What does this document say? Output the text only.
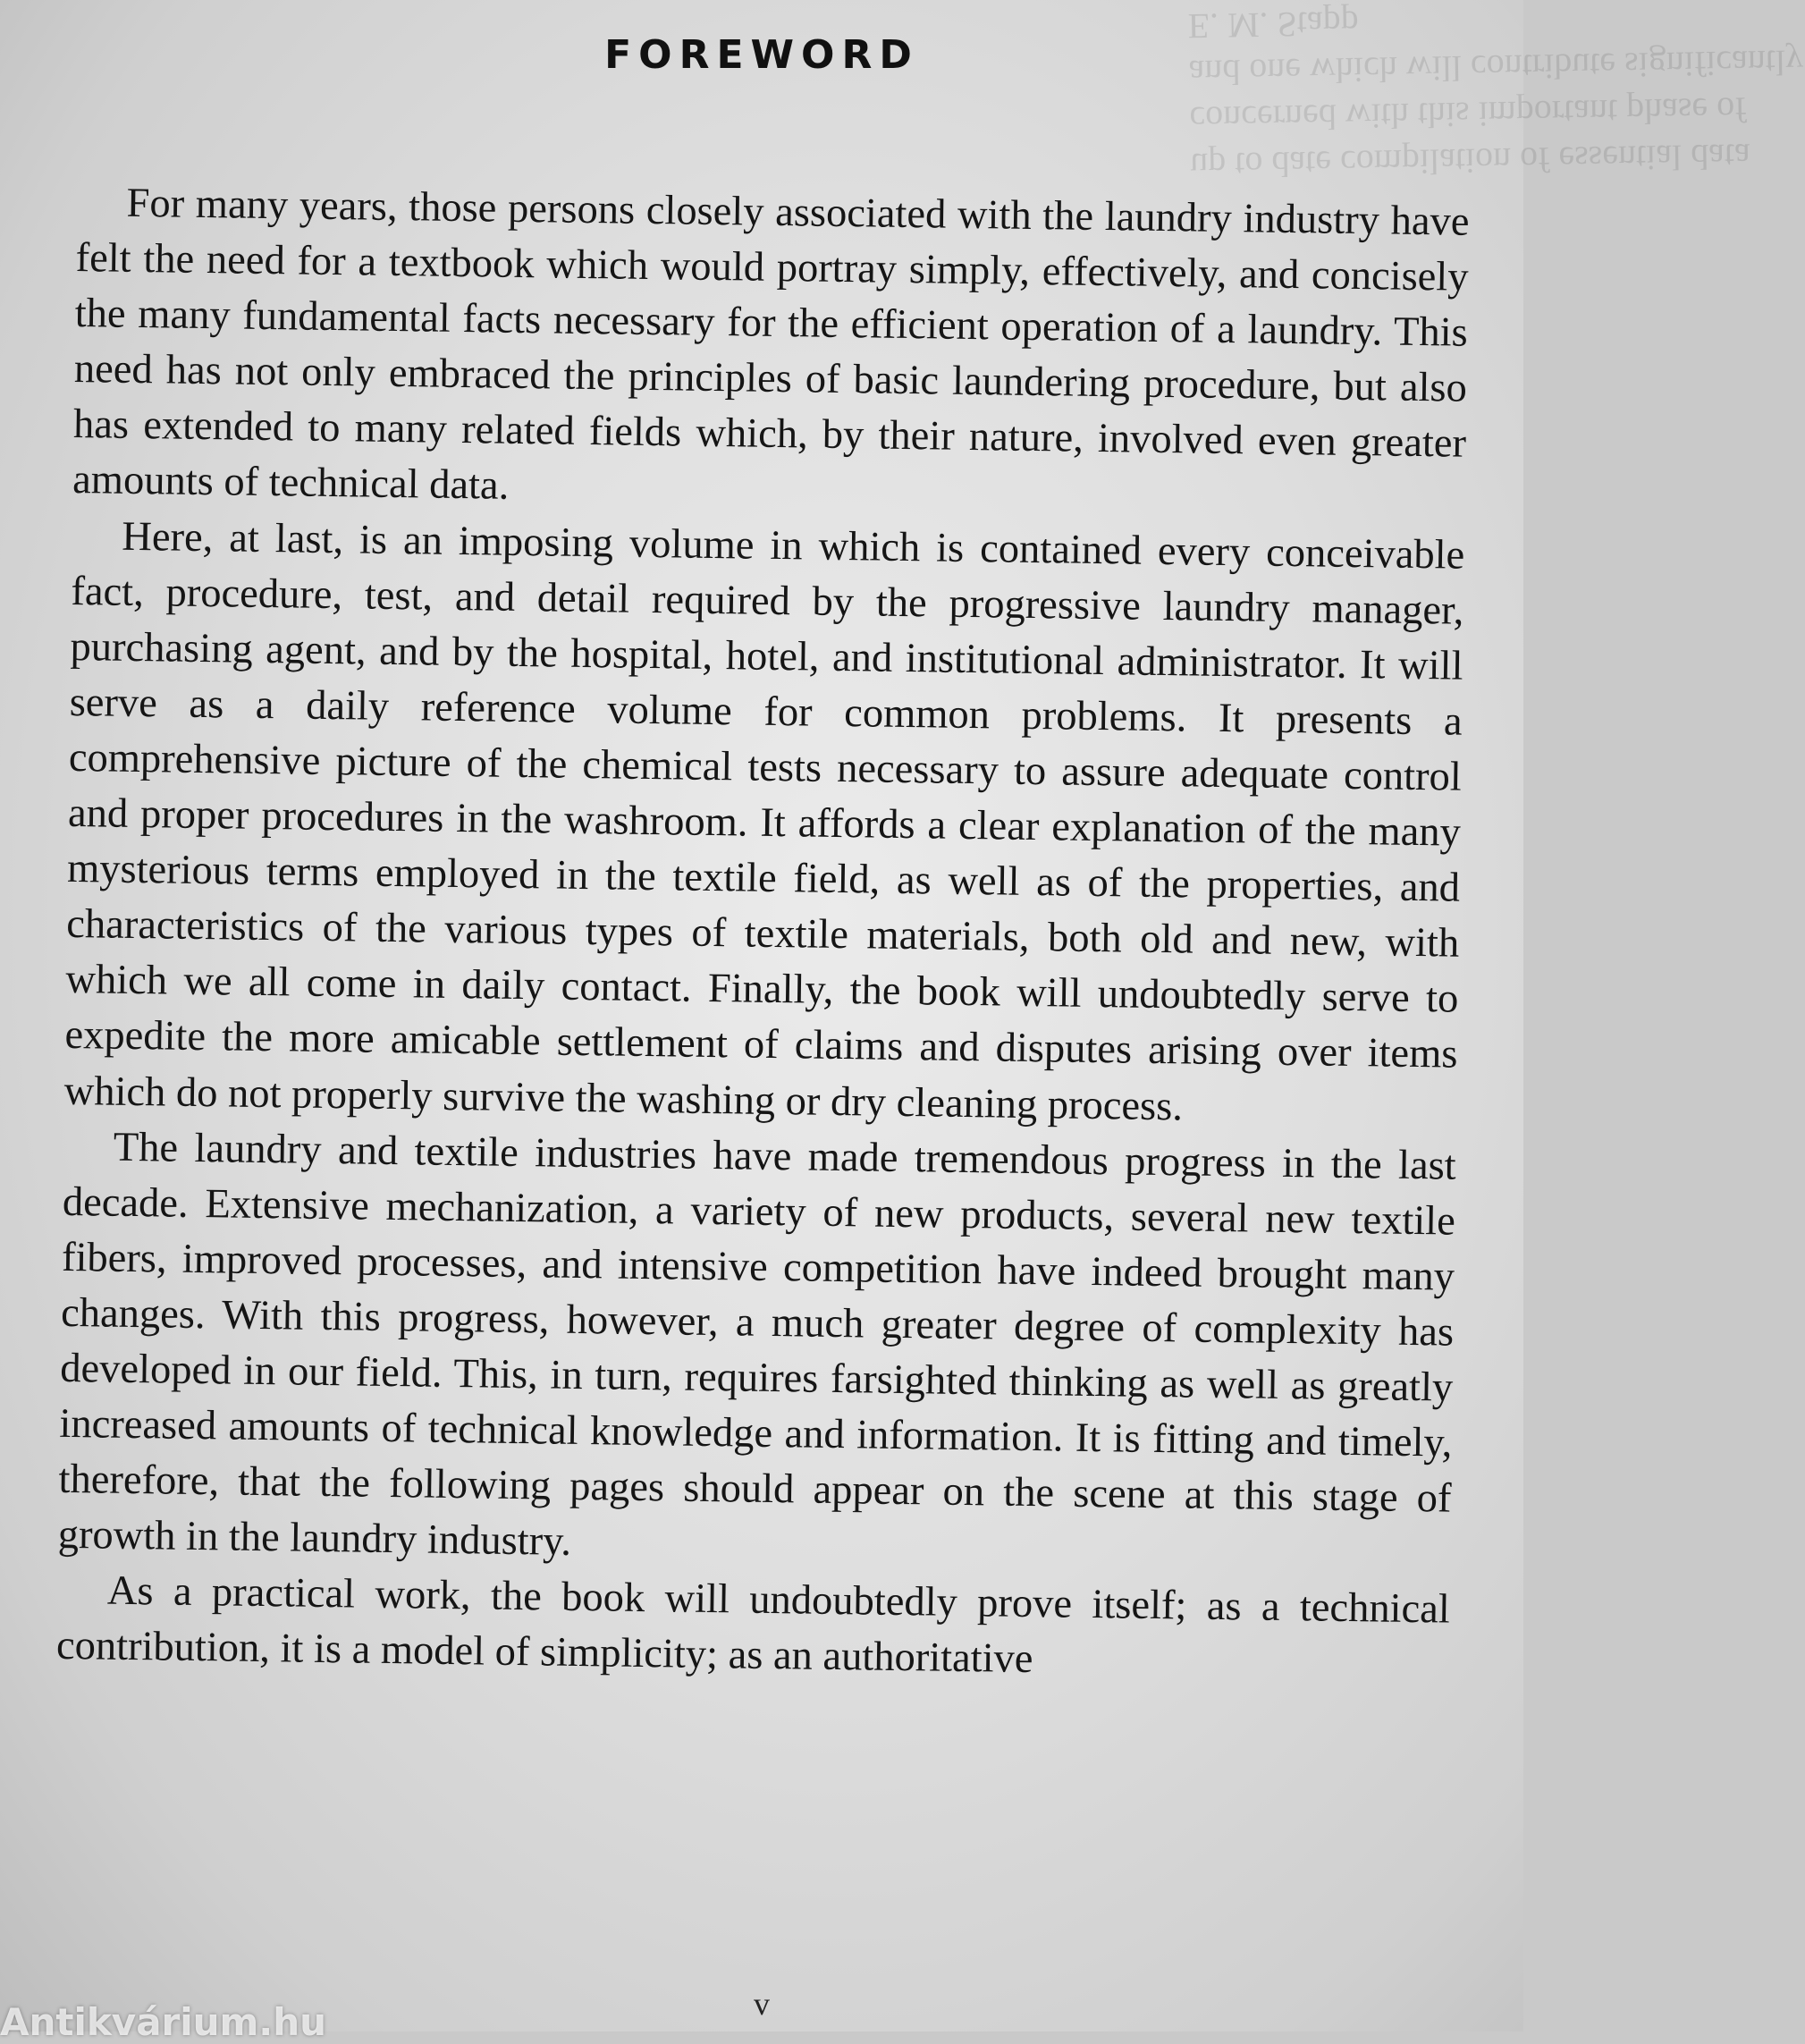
up to date compilation of essential data
concerned with this important phase of
and one which will contribute significantly
E. M. Stapp
FOREWORD

For many years, those persons closely associated with the laundry industry have felt the need for a textbook which would portray simply, effectively, and concisely the many fundamental facts necessary for the efficient operation of a laundry. This need has not only embraced the principles of basic laundering procedure, but also has extended to many related fields which, by their nature, involved even greater amounts of technical data.

Here, at last, is an imposing volume in which is contained every conceivable fact, procedure, test, and detail required by the progressive laundry manager, purchasing agent, and by the hospital, hotel, and institutional administrator. It will serve as a daily reference volume for common problems. It presents a comprehensive picture of the chemical tests necessary to assure adequate control and proper procedures in the washroom. It affords a clear explanation of the many mysterious terms employed in the textile field, as well as of the properties, and characteristics of the various types of textile materials, both old and new, with which we all come in daily contact. Finally, the book will undoubtedly serve to expedite the more amicable settlement of claims and disputes arising over items which do not properly survive the washing or dry cleaning process.

The laundry and textile industries have made tremendous progress in the last decade. Extensive mechanization, a variety of new products, several new textile fibers, improved processes, and intensive competition have indeed brought many changes. With this progress, however, a much greater degree of complexity has developed in our field. This, in turn, requires farsighted thinking as well as greatly increased amounts of technical knowledge and information. It is fitting and timely, therefore, that the following pages should appear on the scene at this stage of growth in the laundry industry.

As a practical work, the book will undoubtedly prove itself; as a technical contribution, it is a model of simplicity; as an authoritative

v
Antikvárium.hu
